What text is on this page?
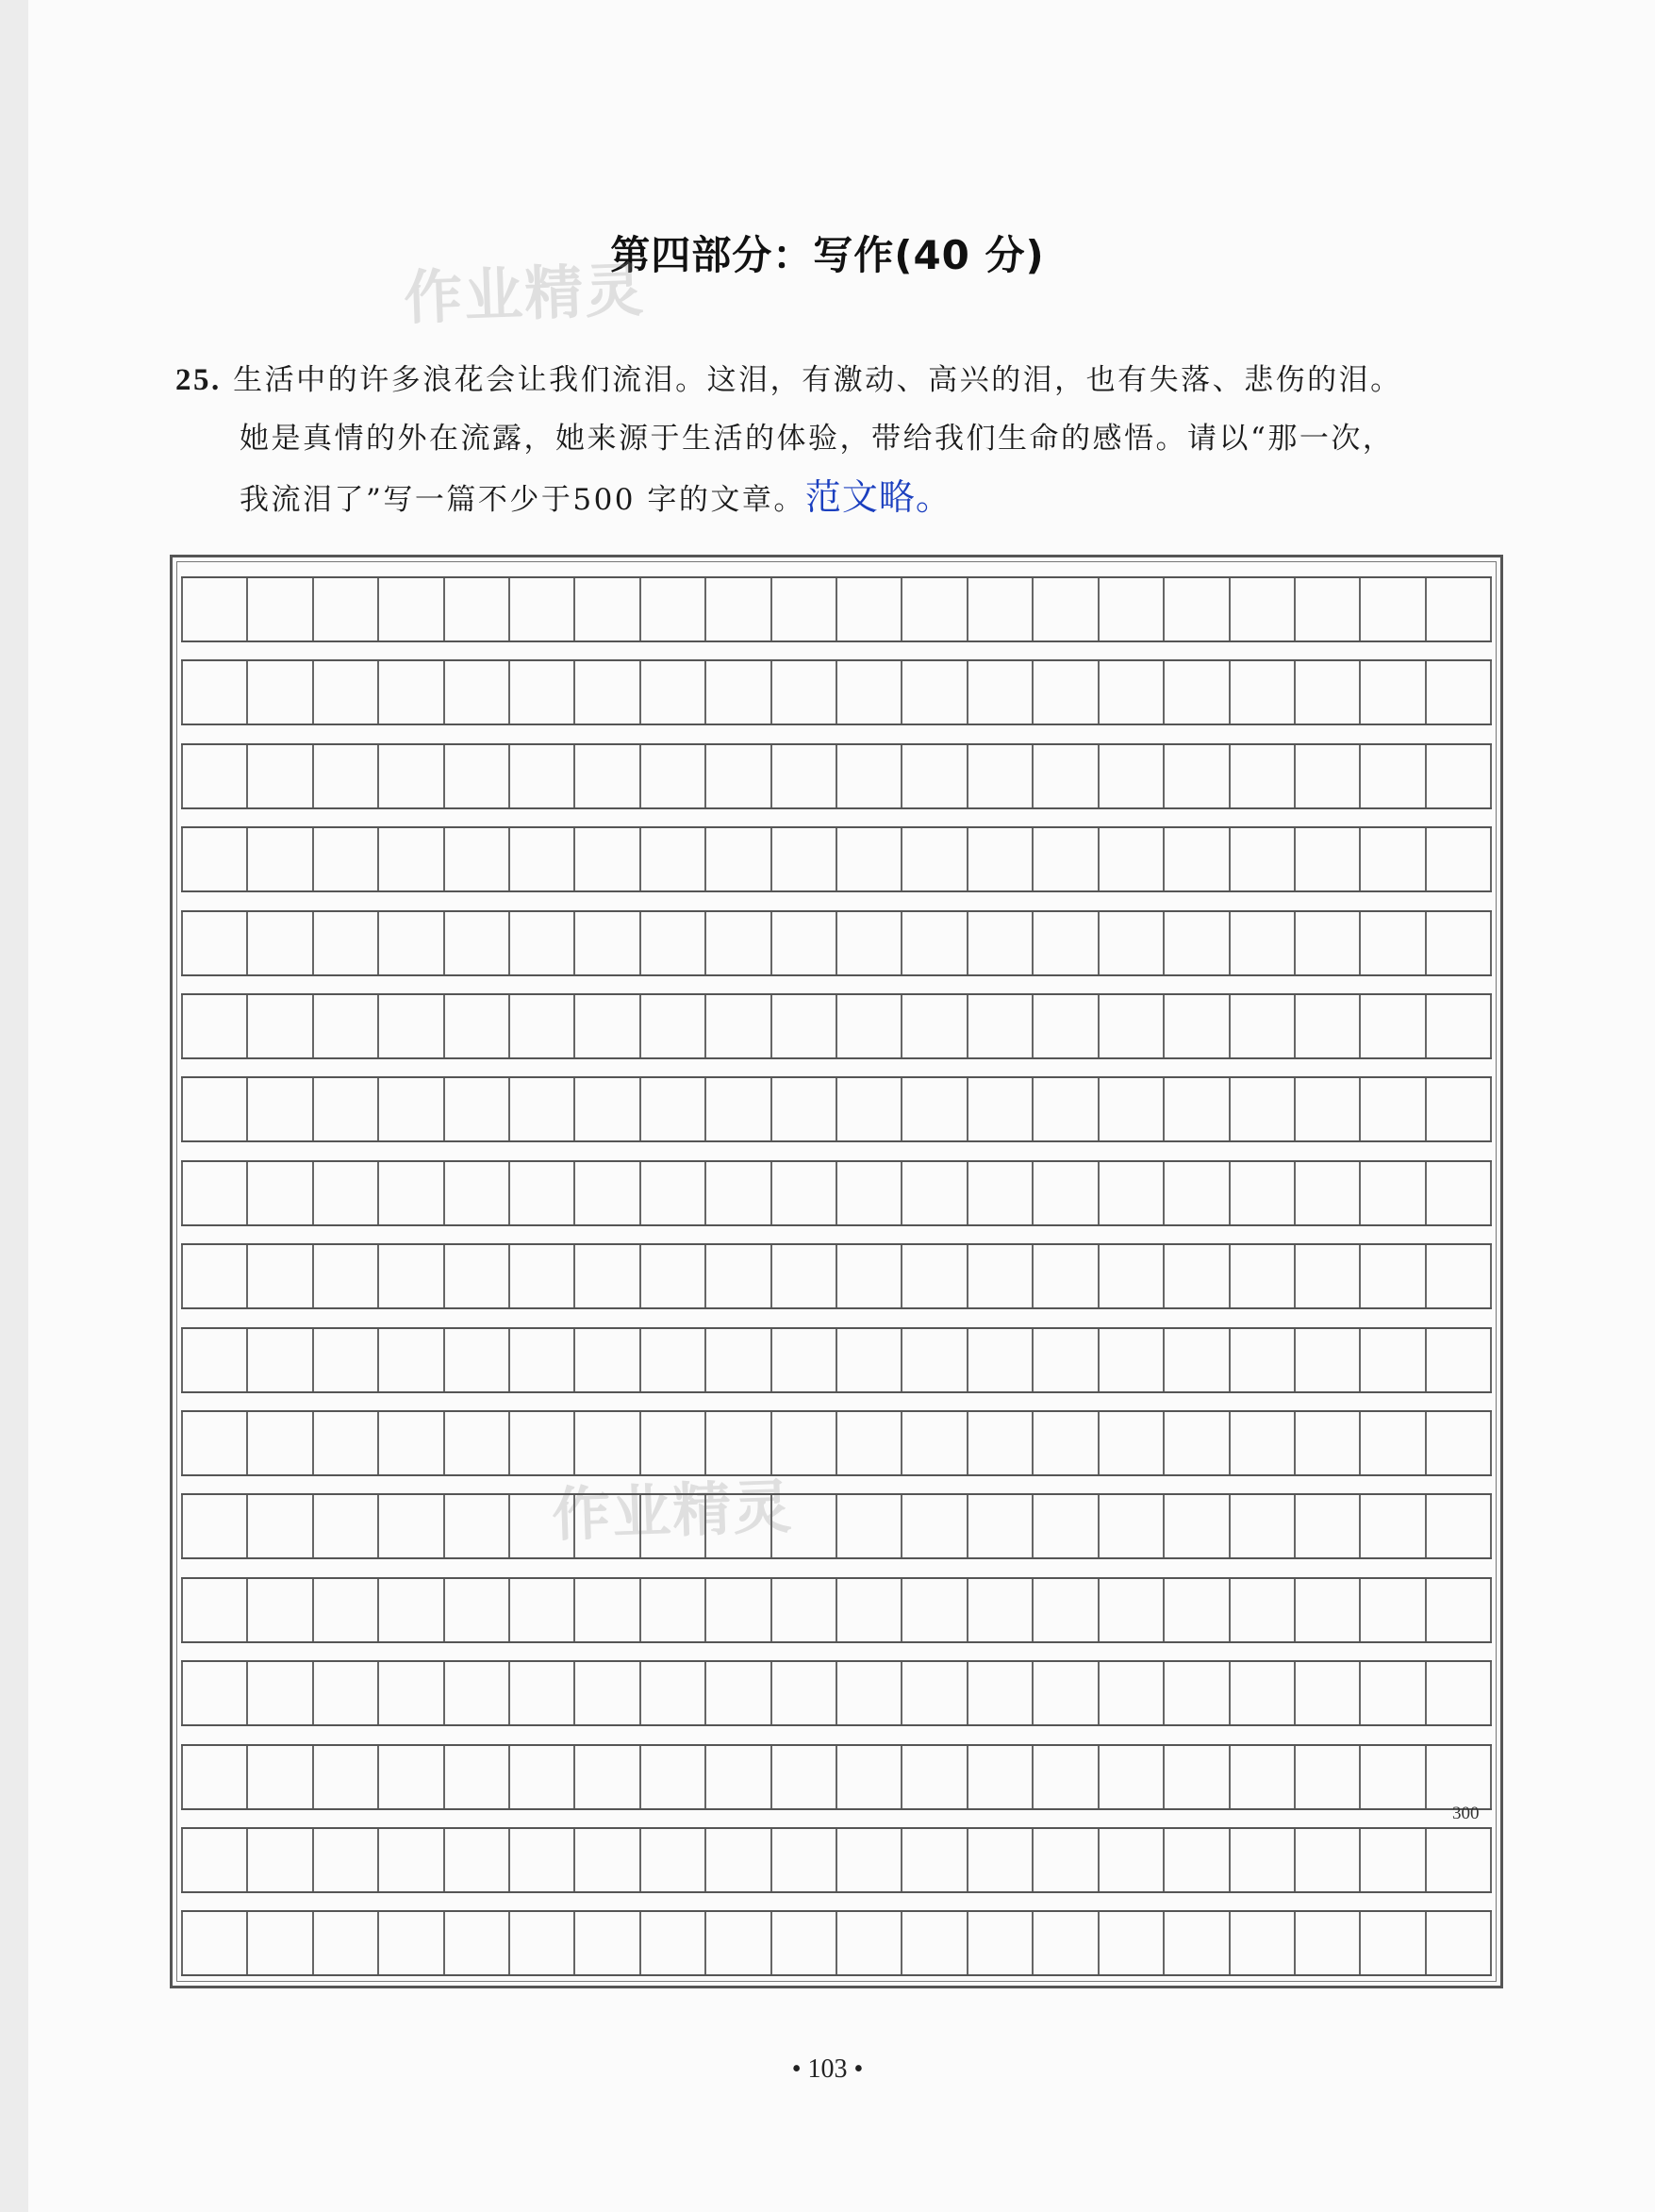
第四部分：写作(40 分)
作业精灵
作业精灵
25. 生活中的许多浪花会让我们流泪。这泪，有激动、高兴的泪，也有失落、悲伤的泪。
她是真情的外在流露，她来源于生活的体验，带给我们生命的感悟。请以“那一次，
我流泪了”写一篇不少于500 字的文章。范文略。
300
• 103 •
